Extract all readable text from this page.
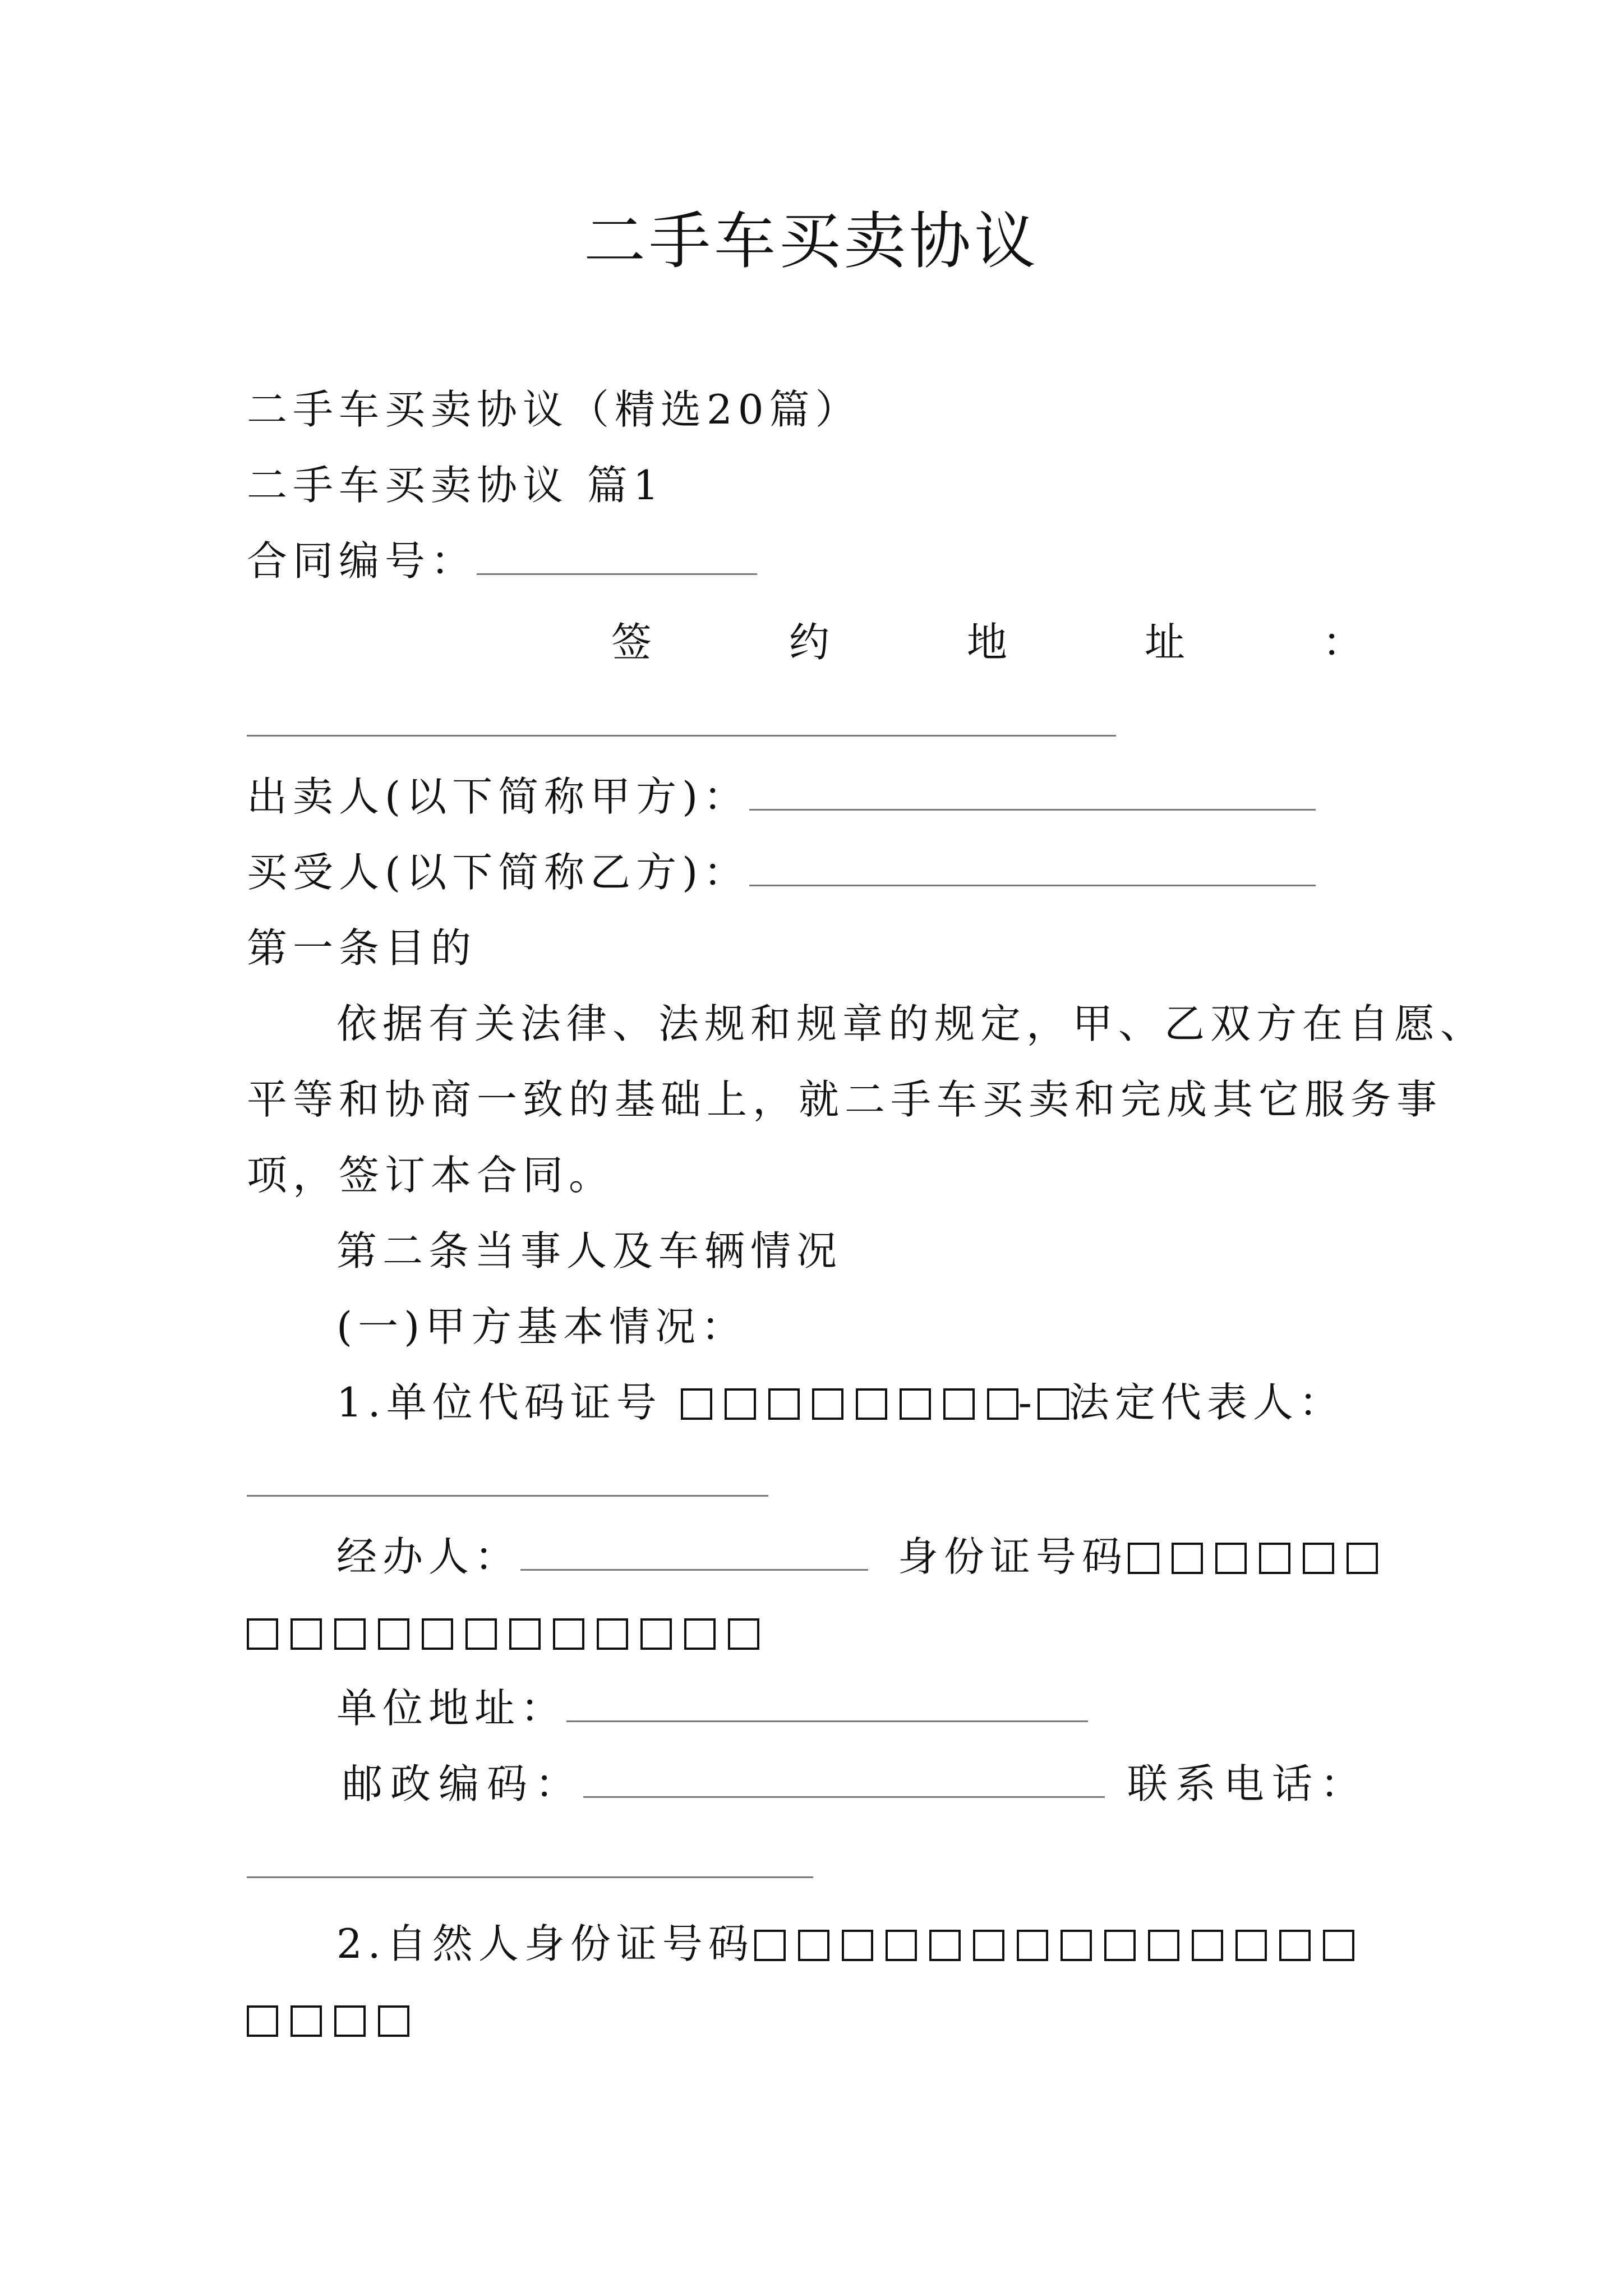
二手车买卖协议
二手车买卖协议（精选20篇）
二手车买卖协议 篇1
合同编号：
签	约	地	址	：
出卖人(以下简称甲方)：
买受人(以下简称乙方)：
第一条目的
依据有关法律、法规和规章的规定，甲、乙双方在自愿、
平等和协商一致的基础上，就二手车买卖和完成其它服务事
项，签订本合同。
第二条当事人及车辆情况
(一)甲方基本情况：
1.单位代码证号	- 法定代表人：
经办人：	身份证号码
单位地址：
邮政编码：	联系电话：
2.自然人身份证号码
